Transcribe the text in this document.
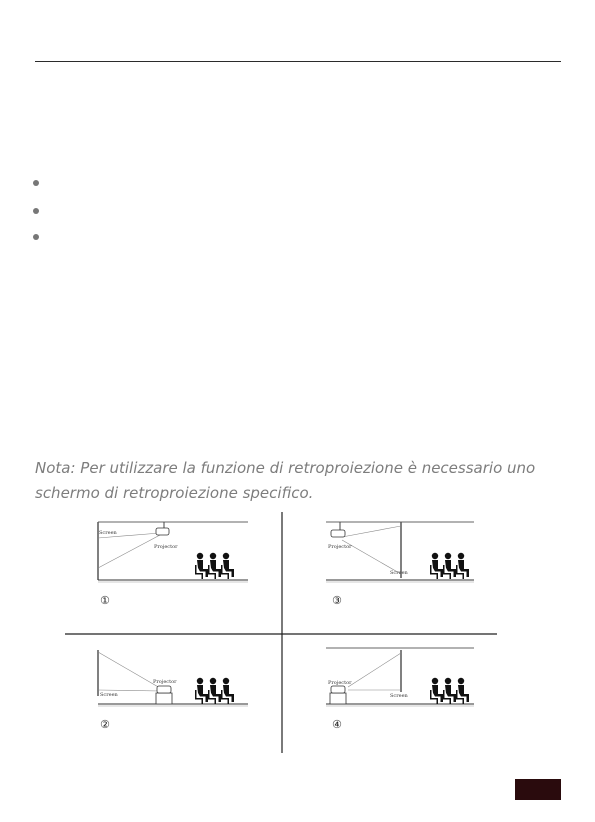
Nota: Per utilizzare la funzione di retroproiezione è necessario uno
schermo di retroproiezione specifico.

Screen
Projector
①
Projector
Screen
③
Screen
Projector
②
Projector
Screen
④
